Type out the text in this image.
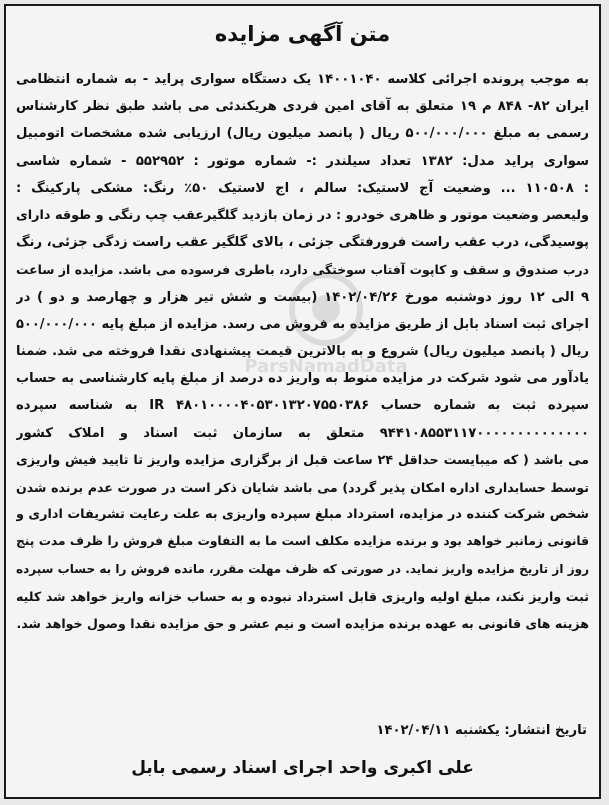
متن آگهی مزایده
ParsNamadData
به موجب پرونده اجرائی کلاسه ۱۴۰۰۱۰۴۰ یک دستگاه سواری پراید - به شماره انتظامی
ایران ۸۲- ۸۴۸ م ۱۹ متعلق به آقای امین فردی هریکندئی می باشد طبق نظر کارشناس
رسمی به مبلغ ۵۰۰/۰۰۰/۰۰۰ ریال ( پانصد میلیون ریال) ارزیابی شده مشخصات اتومبیل
سواری پراید مدل: ۱۳۸۲ تعداد سیلندر :- شماره موتور : ۵۵۲۹۵۲ - شماره شاسی
: ۱۱۰۵۰۸ ... وضعیت آج لاستیک: سالم ، اج لاستیک ۵۰٪ رنگ: مشکی پارکینگ :
ولیعصر وضعیت موتور و ظاهری خودرو : در زمان بازدید گلگیرعقب چپ رنگی و طوقه دارای
پوسیدگی، درب عقب راست فرورفتگی جزئی ، بالای گلگیر عقب راست زدگی جزئی، رنگ
درب صندوق و سقف و کاپوت آفتاب سوختگی دارد، باطری فرسوده می باشد. مزایده از ساعت
۹ الی ۱۲ روز دوشنبه مورخ ۱۴۰۲/۰۴/۲۶ (بیست و شش تیر هزار و چهارصد و دو ) در
اجرای ثبت اسناد بابل از طریق مزایده به فروش می رسد. مزایده از مبلغ پایه ۵۰۰/۰۰۰/۰۰۰
ریال ( پانصد میلیون ریال) شروع و به بالاترین قیمت پیشنهادی نقدا فروخته می شد. ضمنا
یادآور می شود شرکت در مزایده منوط به واریز ده درصد از مبلغ پایه کارشناسی به حساب
سپرده ثبت به شماره حساب IR ۴۸۰۱۰۰۰۰۴۰۵۳۰۱۳۲۰۷۵۵۰۳۸۶ به شناسه سپرده
۹۴۴۱۰۸۵۵۳۱۱۷۰۰۰۰۰۰۰۰۰۰۰۰۰۰ متعلق به سازمان ثبت اسناد و املاک کشور
می باشد ( که میبایست حداقل ۲۴ ساعت قبل از برگزاری مزایده واریز تا تایید فیش واریزی
توسط حسابداری اداره امکان پذیر گردد) می باشد شایان ذکر است در صورت عدم برنده شدن
شخص شرکت کننده در مزایده، استرداد مبلغ سپرده واریزی به علت رعایت تشریفات اداری و
قانونی زمانبر خواهد بود و برنده مزایده مکلف است ما به التفاوت مبلغ فروش را ظرف مدت پنج
روز از تاریخ مزایده واریز نماید. در صورتی که ظرف مهلت مقرر، مانده فروش را به حساب سپرده
ثبت واریز نکند، مبلغ اولیه واریزی قابل استرداد نبوده و به حساب خزانه واریز خواهد شد کلیه
هزینه های قانونی به عهده برنده مزایده است و نیم عشر و حق مزایده نقدا وصول خواهد شد.
تاریخ انتشار: یکشنبه ۱۴۰۲/۰۴/۱۱
علی اکبری واحد اجرای اسناد رسمی بابل
